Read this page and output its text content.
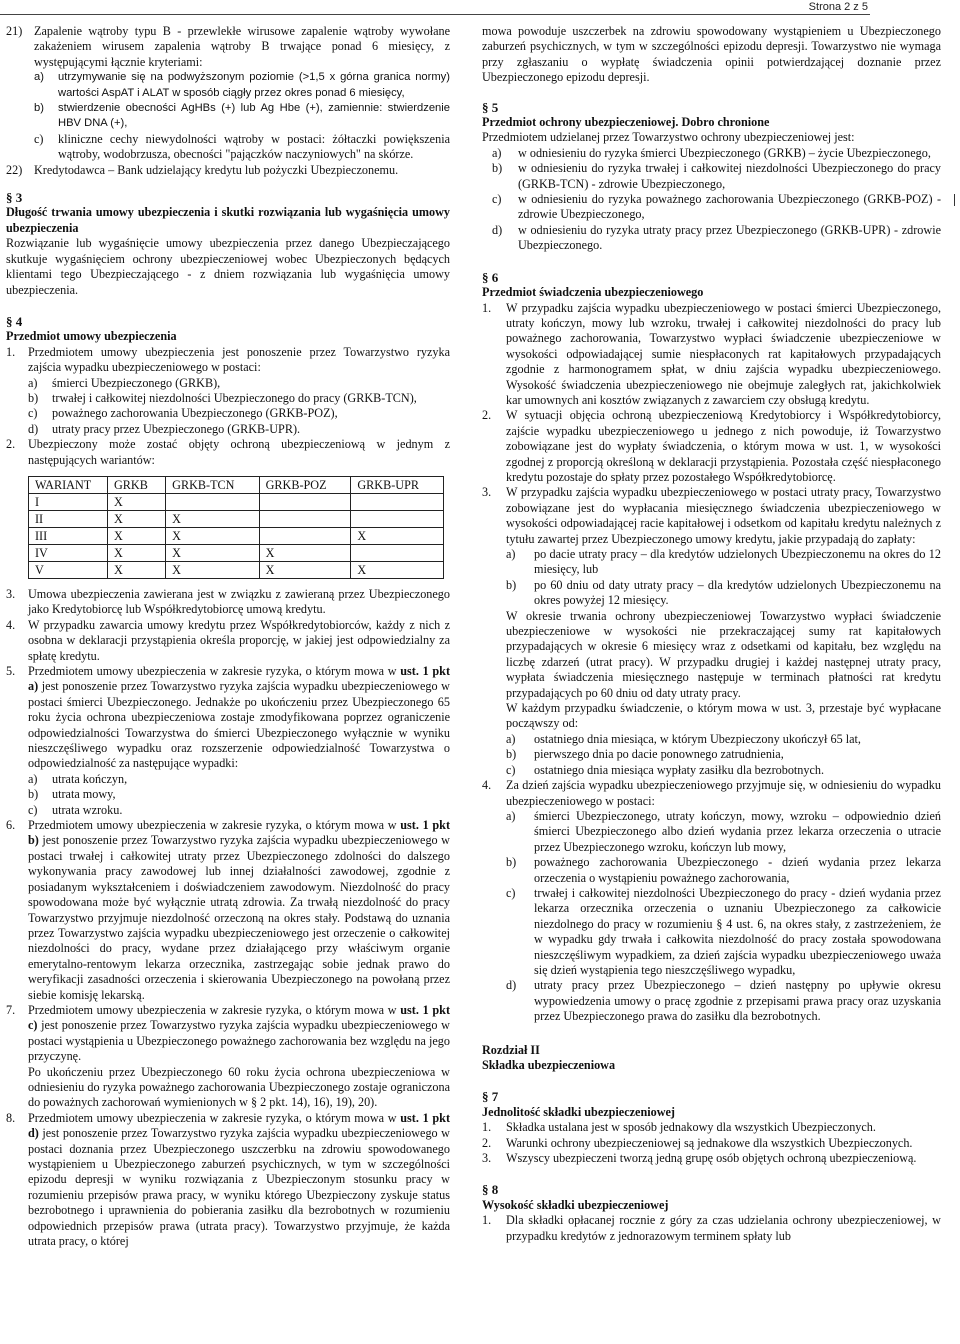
Strona 2 z 5
21) Zapalenie wątroby typu B - przewlekłe wirusowe zapalenie wątroby wywołane zakażeniem wirusem zapalenia wątroby B trwające ponad 6 miesięcy, z występującymi łącznie kryteriami:
a)	utrzymywanie się na podwyższonym poziomie (>1,5 x górna granica normy) wartości AspAT i ALAT w sposób ciągły przez okres ponad 6 miesięcy,
b)	stwierdzenie obecności AgHBs (+) lub Ag Hbe (+), zamiennie: stwierdzenie HBV DNA (+),
c)	kliniczne cechy niewydolności wątroby w postaci: żółtaczki powiększenia wątroby, wodobrzusza, obecności "pajączków naczyniowych" na skórze.
22) Kredytodawca – Bank udzielający kredytu lub pożyczki Ubezpieczonemu.
§ 3

Długość trwania umowy ubezpieczenia i skutki rozwiązania lub wygaśnięcia umowy ubezpieczenia

Rozwiązanie lub wygaśnięcie umowy ubezpieczenia przez danego Ubezpieczającego skutkuje wygaśnięciem ochrony ubezpieczeniowej wobec Ubezpieczonych będących klientami tego Ubezpieczającego - z dniem rozwiązania lub wygaśnięcia umowy ubezpieczenia.

§ 4

Przedmiot umowy ubezpieczenia

1.	Przedmiotem umowy ubezpieczenia jest ponoszenie przez Towarzystwo ryzyka zajścia wypadku ubezpieczeniowego w postaci:
a)	śmierci Ubezpieczonego (GRKB),
b)	trwałej i całkowitej niezdolności Ubezpieczonego do pracy (GRKB-TCN),
c)	poważnego zachorowania Ubezpieczonego (GRKB-POZ),
d)	utraty pracy przez Ubezpieczonego (GRKB-UPR).
2.	Ubezpieczony może zostać objęty ochroną ubezpieczeniową w jednym z następujących wariantów:
WARIANT	GRKB	GRKB-TCN	GRKB-POZ	GRKB-UPR
I	X			
II	X	X		
III	X	X		X
IV	X	X	X	
V	X	X	X	X
3.	Umowa ubezpieczenia zawierana jest w związku z zawieraną przez Ubezpieczonego jako Kredytobiorcę lub Współkredytobiorcę umową kredytu.
4.	W przypadku zawarcia umowy kredytu przez Współkredytobiorców, każdy z nich z osobna w deklaracji przystąpienia określa proporcję, w jakiej jest odpowiedzialny za spłatę kredytu.
5.	Przedmiotem umowy ubezpieczenia w zakresie ryzyka, o którym mowa w ust. 1 pkt a) jest ponoszenie przez Towarzystwo ryzyka zajścia wypadku ubezpieczeniowego w postaci śmierci Ubezpieczonego. Jednakże po ukończeniu przez Ubezpieczonego 65 roku życia ochrona ubezpieczeniowa zostaje zmodyfikowana poprzez ograniczenie odpowiedzialności Towarzystwa do śmierci Ubezpieczonego wyłącznie w wyniku nieszczęśliwego wypadku oraz rozszerzenie odpowiedzialność Towarzystwa o odpowiedzialność za następujące wypadki:
a)	utrata kończyn,
b)	utrata mowy,
c)	utrata wzroku.
6.	Przedmiotem umowy ubezpieczenia w zakresie ryzyka, o którym mowa w ust. 1 pkt b) jest ponoszenie przez Towarzystwo ryzyka zajścia wypadku ubezpieczeniowego w postaci trwałej i całkowitej utraty przez Ubezpieczonego zdolności do dalszego wykonywania pracy zawodowej lub innej działalności zawodowej, zgodnie z posiadanym wykształceniem i doświadczeniem zawodowym. Niezdolność do pracy spowodowana może być wyłącznie utratą zdrowia. Za trwałą niezdolność do pracy Towarzystwo przyjmuje niezdolność orzeczoną na okres stały. Podstawą do uznania przez Towarzystwo zajścia wypadku ubezpieczeniowego jest orzeczenie o całkowitej niezdolności do pracy, wydane przez działającego przy właściwym organie emerytalno-rentowym lekarza orzecznika, zastrzegając sobie jednak prawo do weryfikacji zasadności orzeczenia i skierowania Ubezpieczonego na powołaną przez siebie komisję lekarską.
7.	Przedmiotem umowy ubezpieczenia w zakresie ryzyka, o którym mowa w ust. 1 pkt c) jest ponoszenie przez Towarzystwo ryzyka zajścia wypadku ubezpieczeniowego w postaci wystąpienia u Ubezpieczonego poważnego zachorowania bez względu na jego przyczynę.

Po ukończeniu przez Ubezpieczonego 60 roku życia ochrona ubezpieczeniowa w odniesieniu do ryzyka poważnego zachorowania Ubezpieczonego zostaje ograniczona do poważnych zachorowań wymienionych w § 2 pkt. 14), 16), 19), 20).

8.	Przedmiotem umowy ubezpieczenia w zakresie ryzyka, o którym mowa w ust. 1 pkt d) jest ponoszenie przez Towarzystwo ryzyka zajścia wypadku ubezpieczeniowego w postaci doznania przez Ubezpieczonego uszczerbku na zdrowiu spowodowanego wystąpieniem u Ubezpieczonego zaburzeń psychicznych, w tym w szczególności epizodu depresji w wyniku rozwiązania z Ubezpieczonym stosunku pracy w rozumieniu przepisów prawa pracy, w wyniku którego Ubezpieczony zyskuje status bezrobotnego i uprawnienia do pobierania zasiłku dla bezrobotnych w rozumieniu odpowiednich przepisów prawa (utrata pracy). Towarzystwo przyjmuje, że każda utrata pracy, o której

mowa powoduje uszczerbek na zdrowiu spowodowany wystąpieniem u Ubezpieczonego zaburzeń psychicznych, w tym w szczególności epizodu depresji. Towarzystwo nie wymaga przy zgłaszaniu o wypłatę świadczenia opinii potwierdzającej doznanie przez Ubezpieczonego epizodu depresji.

§ 5

Przedmiot ochrony ubezpieczeniowej. Dobro chronione

Przedmiotem udzielanej przez Towarzystwo ochrony ubezpieczeniowej jest:

a)	w odniesieniu do ryzyka śmierci Ubezpieczonego (GRKB) – życie Ubezpieczonego,
b)	w odniesieniu do ryzyka trwałej i całkowitej niezdolności Ubezpieczonego do pracy (GRKB-TCN) - zdrowie Ubezpieczonego,
c)	w odniesieniu do ryzyka poważnego zachorowania Ubezpieczonego (GRKB-POZ) - zdrowie Ubezpieczonego,
d)	w odniesieniu do ryzyka utraty pracy przez Ubezpieczonego (GRKB-UPR) - zdrowie Ubezpieczonego.
§ 6

Przedmiot świadczenia ubezpieczeniowego

1.	W przypadku zajścia wypadku ubezpieczeniowego w postaci śmierci Ubezpieczonego, utraty kończyn, mowy lub wzroku, trwałej i całkowitej niezdolności do pracy lub poważnego zachorowania, Towarzystwo wypłaci świadczenie ubezpieczeniowe w wysokości odpowiadającej sumie niespłaconych rat kapitałowych przypadających zgodnie z harmonogramem spłat, w dniu zajścia wypadku ubezpieczeniowego. Wysokość świadczenia ubezpieczeniowego nie obejmuje zaległych rat, jakichkolwiek kar umownych ani kosztów związanych z zawarciem czy obsługą kredytu.
2.	W sytuacji objęcia ochroną ubezpieczeniową Kredytobiorcy i Współkredytobiorcy, zajście wypadku ubezpieczeniowego u jednego z nich powoduje, iż Towarzystwo zobowiązane jest do wypłaty świadczenia, o którym mowa w ust. 1, w wysokości zgodnej z proporcją określoną w deklaracji przystąpienia. Pozostała część niespłaconego kredytu pozostaje do spłaty przez pozostałego Współkredytobiorcę.
3.	W przypadku zajścia wypadku ubezpieczeniowego w postaci utraty pracy, Towarzystwo zobowiązane jest do wypłacania miesięcznego świadczenia ubezpieczeniowego w wysokości odpowiadającej racie kapitałowej i odsetkom od kapitału kredytu należnych z tytułu zawartej przez Ubezpieczonego umowy kredytu, jakie przypadają do zapłaty:
a)	po dacie utraty pracy – dla kredytów udzielonych Ubezpieczonemu na okres do 12 miesięcy, lub
b)	po 60 dniu od daty utraty pracy – dla kredytów udzielonych Ubezpieczonemu na okres powyżej 12 miesięcy.

W okresie trwania ochrony ubezpieczeniowej Towarzystwo wypłaci świadczenie ubezpieczeniowe w wysokości nie przekraczającej sumy rat kapitałowych przypadających w okresie 6 miesięcy wraz z odsetkami od kapitału, bez względu na liczbę zdarzeń (utrat pracy). W przypadku drugiej i każdej następnej utraty pracy, wypłata świadczenia miesięcznego następuje w terminach płatności rat kredytu przypadających po 60 dniu od daty utraty pracy.

W każdym przypadku świadczenie, o którym mowa w ust. 3, przestaje być wypłacane począwszy od:

a)	ostatniego dnia miesiąca, w którym Ubezpieczony ukończył 65 lat,
b)	pierwszego dnia po dacie ponownego zatrudnienia,
c)	ostatniego dnia miesiąca wypłaty zasiłku dla bezrobotnych.
4.	Za dzień zajścia wypadku ubezpieczeniowego przyjmuje się, w odniesieniu do wypadku ubezpieczeniowego w postaci:
a)	śmierci Ubezpieczonego, utraty kończyn, mowy, wzroku – odpowiednio dzień śmierci Ubezpieczonego albo dzień wydania przez lekarza orzeczenia o utracie przez Ubezpieczonego wzroku, kończyn lub mowy,
b)	poważnego zachorowania Ubezpieczonego - dzień wydania przez lekarza orzeczenia o wystąpieniu poważnego zachorowania,
c)	trwałej i całkowitej niezdolności Ubezpieczonego do pracy - dzień wydania przez lekarza orzecznika orzeczenia o uznaniu Ubezpieczonego za całkowicie niezdolnego do pracy w rozumieniu § 4 ust. 6, na okres stały, z zastrzeżeniem, że w wypadku gdy trwała i całkowita niezdolność do pracy została spowodowana nieszczęśliwym wypadkiem, za dzień zajścia wypadku ubezpieczeniowego uważa się dzień wystąpienia tego nieszczęśliwego wypadku,
d)	utraty pracy przez Ubezpieczonego – dzień następny po upływie okresu wypowiedzenia umowy o pracę zgodnie z przepisami prawa pracy oraz uzyskania przez Ubezpieczonego prawa do zasiłku dla bezrobotnych.

Rozdział II

Składka ubezpieczeniowa

§ 7

Jednolitość składki ubezpieczeniowej

1.	Składka ustalana jest w sposób jednakowy dla wszystkich Ubezpieczonych.
2.	Warunki ochrony ubezpieczeniowej są jednakowe dla wszystkich Ubezpieczonych.
3.	Wszyscy ubezpieczeni tworzą jedną grupę osób objętych ochroną ubezpieczeniową.
§ 8

Wysokość składki ubezpieczeniowej

1.	Dla składki opłacanej rocznie z góry za czas udzielania ochrony ubezpieczeniowej, w przypadku kredytów z jednorazowym terminem spłaty lub
